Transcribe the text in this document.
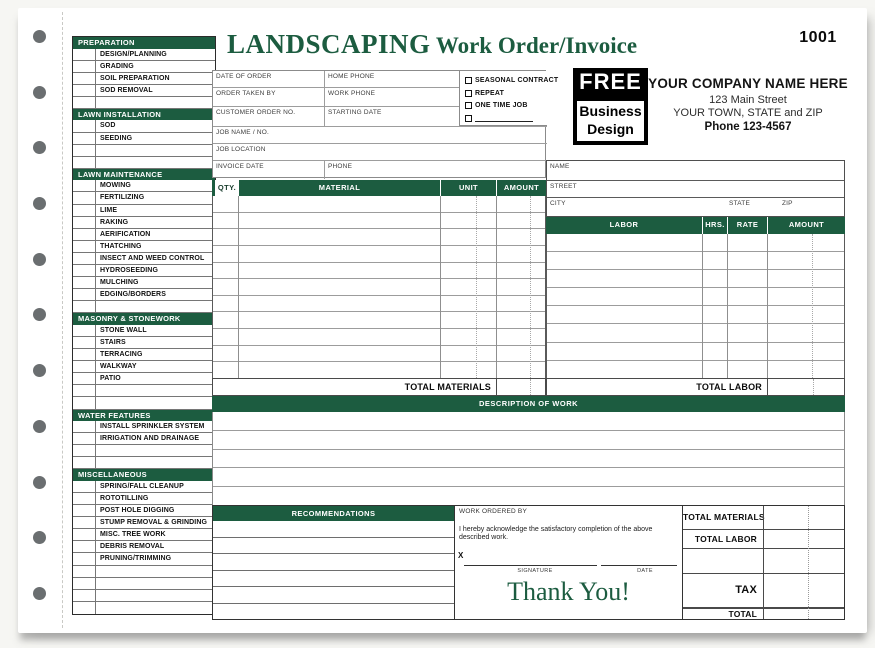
PREPARATION
DESIGN/PLANNING
GRADING
SOIL PREPARATION
SOD REMOVAL
LAWN INSTALLATION
SOD
SEEDING
LAWN MAINTENANCE
MOWING
FERTILIZING
LIME
RAKING
AERIFICATION
THATCHING
INSECT AND WEED CONTROL
HYDROSEEDING
MULCHING
EDGING/BORDERS
MASONRY & STONEWORK
STONE WALL
STAIRS
TERRACING
WALKWAY
PATIO
WATER FEATURES
INSTALL SPRINKLER SYSTEM
IRRIGATION AND DRAINAGE
MISCELLANEOUS
SPRING/FALL CLEANUP
ROTOTILLING
POST HOLE DIGGING
STUMP REMOVAL & GRINDING
MISC. TREE WORK
DEBRIS REMOVAL
PRUNING/TRIMMING
LANDSCAPING Work Order/Invoice	1001
DATE OF ORDER	HOME PHONE
ORDER TAKEN BY	WORK PHONE
CUSTOMER ORDER NO.	STARTING DATE
JOB NAME / NO.
JOB LOCATION
INVOICE DATE	PHONE
SEASONAL CONTRACT
REPEAT
ONE TIME JOB
FREE
Business
Design
YOUR COMPANY NAME HERE
123 Main Street
YOUR TOWN, STATE and ZIP
Phone 123-4567
NAME
STREET
CITY	STATE	ZIP
QTY.	MATERIAL	UNIT	AMOUNT
TOTAL MATERIALS
LABOR	HRS.	RATE	AMOUNT
TOTAL LABOR
DESCRIPTION OF WORK
RECOMMENDATIONS	WORK ORDERED BY
I hereby acknowledge the satisfactory completion of the above described work.
X
SIGNATURE	DATE
Thank You!
TOTAL MATERIALS
TOTAL LABOR
TAX
TOTAL
